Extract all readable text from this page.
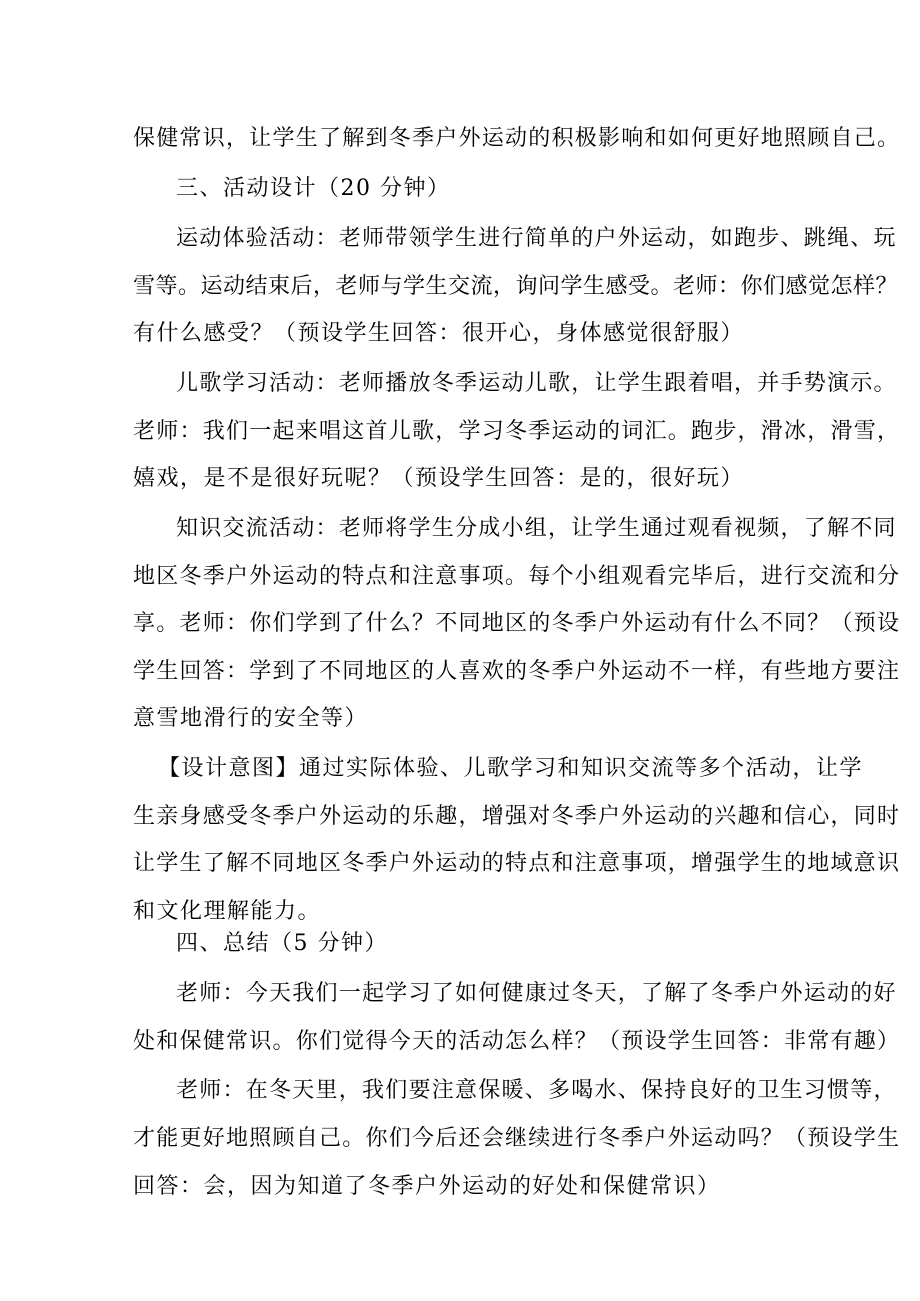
保健常识，让学生了解到冬季户外运动的积极影响和如何更好地照顾自己。
三、活动设计（20 分钟）
运动体验活动：老师带领学生进行简单的户外运动，如跑步、跳绳、玩
雪等。运动结束后，老师与学生交流，询问学生感受。老师：你们感觉怎样？
有什么感受？（预设学生回答：很开心，身体感觉很舒服）
儿歌学习活动：老师播放冬季运动儿歌，让学生跟着唱，并手势演示。
老师：我们一起来唱这首儿歌，学习冬季运动的词汇。跑步，滑冰，滑雪，
嬉戏，是不是很好玩呢？（预设学生回答：是的，很好玩）
知识交流活动：老师将学生分成小组，让学生通过观看视频，了解不同
地区冬季户外运动的特点和注意事项。每个小组观看完毕后，进行交流和分
享。老师：你们学到了什么？不同地区的冬季户外运动有什么不同？（预设
学生回答：学到了不同地区的人喜欢的冬季户外运动不一样，有些地方要注
意雪地滑行的安全等）
【设计意图】通过实际体验、儿歌学习和知识交流等多个活动，让学
生亲身感受冬季户外运动的乐趣，增强对冬季户外运动的兴趣和信心，同时
让学生了解不同地区冬季户外运动的特点和注意事项，增强学生的地域意识
和文化理解能力。
四、总结（5 分钟）
老师：今天我们一起学习了如何健康过冬天，了解了冬季户外运动的好
处和保健常识。你们觉得今天的活动怎么样？（预设学生回答：非常有趣）
老师：在冬天里，我们要注意保暖、多喝水、保持良好的卫生习惯等，
才能更好地照顾自己。你们今后还会继续进行冬季户外运动吗？（预设学生
回答：会，因为知道了冬季户外运动的好处和保健常识）
